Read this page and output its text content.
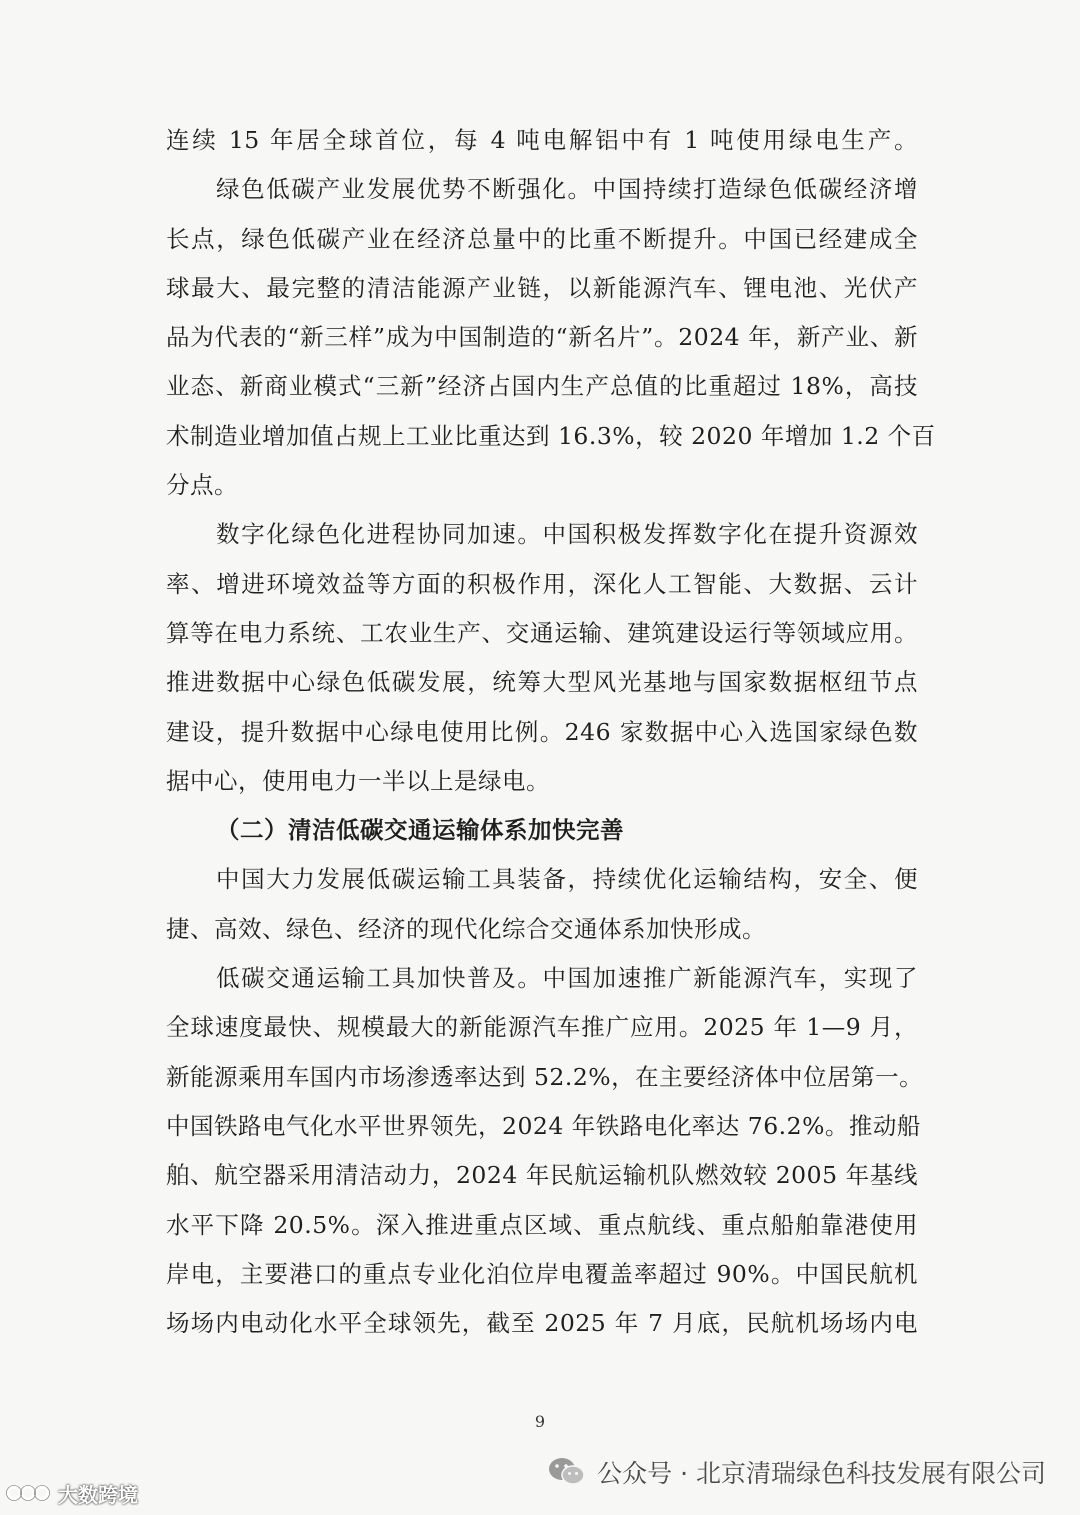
连续 15 年居全球首位，每 4 吨电解铝中有 1 吨使用绿电生产。
绿色低碳产业发展优势不断强化。中国持续打造绿色低碳经济增
长点，绿色低碳产业在经济总量中的比重不断提升。中国已经建成全
球最大、最完整的清洁能源产业链，以新能源汽车、锂电池、光伏产
品为代表的“新三样”成为中国制造的“新名片”。2024 年，新产业、新
业态、新商业模式“三新”经济占国内生产总值的比重超过 18%，高技
术制造业增加值占规上工业比重达到 16.3%，较 2020 年增加 1.2 个百
分点。
数字化绿色化进程协同加速。中国积极发挥数字化在提升资源效
率、增进环境效益等方面的积极作用，深化人工智能、大数据、云计
算等在电力系统、工农业生产、交通运输、建筑建设运行等领域应用。
推进数据中心绿色低碳发展，统筹大型风光基地与国家数据枢纽节点
建设，提升数据中心绿电使用比例。246 家数据中心入选国家绿色数
据中心，使用电力一半以上是绿电。
（二）清洁低碳交通运输体系加快完善
中国大力发展低碳运输工具装备，持续优化运输结构，安全、便
捷、高效、绿色、经济的现代化综合交通体系加快形成。
低碳交通运输工具加快普及。中国加速推广新能源汽车，实现了
全球速度最快、规模最大的新能源汽车推广应用。2025 年 1—9 月，
新能源乘用车国内市场渗透率达到 52.2%，在主要经济体中位居第一。
中国铁路电气化水平世界领先，2024 年铁路电化率达 76.2%。推动船
舶、航空器采用清洁动力，2024 年民航运输机队燃效较 2005 年基线
水平下降 20.5%。深入推进重点区域、重点航线、重点船舶靠港使用
岸电，主要港口的重点专业化泊位岸电覆盖率超过 90%。中国民航机
场场内电动化水平全球领先，截至 2025 年 7 月底，民航机场场内电
9
公众号 · 北京清瑞绿色科技发展有限公司
大数跨境
